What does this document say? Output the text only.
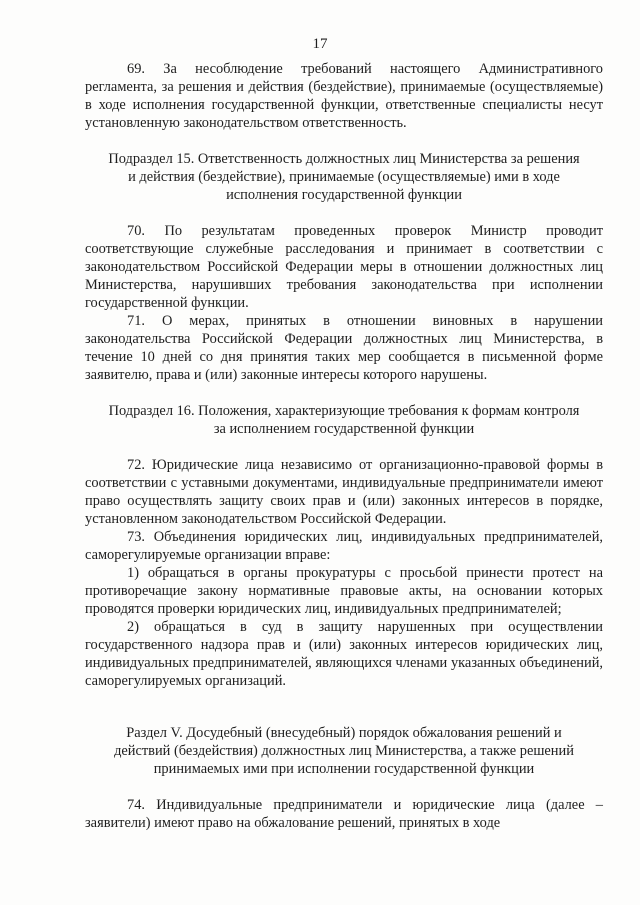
17

69. За несоблюдение требований настоящего Административного регламента, за решения и действия (бездействие), принимаемые (осуществляемые) в ходе исполнения государственной функции, ответственные специалисты несут установленную законодательством ответственность.

Подраздел 15. Ответственность должностных лиц Министерства за решения и действия (бездействие), принимаемые (осуществляемые) ими в ходе исполнения государственной функции

70. По результатам проведенных проверок Министр проводит соответствующие служебные расследования и принимает в соответствии с законодательством Российской Федерации меры в отношении должностных лиц Министерства, нарушивших требования законодательства при исполнении государственной функции.

71. О мерах, принятых в отношении виновных в нарушении законодательства Российской Федерации должностных лиц Министерства, в течение 10 дней со дня принятия таких мер сообщается в письменной форме заявителю, права и (или) законные интересы которого нарушены.

Подраздел 16. Положения, характеризующие требования к формам контроля за исполнением государственной функции

72. Юридические лица независимо от организационно-правовой формы в соответствии с уставными документами, индивидуальные предприниматели имеют право осуществлять защиту своих прав и (или) законных интересов в порядке, установленном законодательством Российской Федерации.

73. Объединения юридических лиц, индивидуальных предпринимателей, саморегулируемые организации вправе:

1) обращаться в органы прокуратуры с просьбой принести протест на противоречащие закону нормативные правовые акты, на основании которых проводятся проверки юридических лиц, индивидуальных предпринимателей;

2) обращаться в суд в защиту нарушенных при осуществлении государственного надзора прав и (или) законных интересов юридических лиц, индивидуальных предпринимателей, являющихся членами указанных объединений, саморегулируемых организаций.

Раздел V. Досудебный (внесудебный) порядок обжалования решений и действий (бездействия) должностных лиц Министерства, а также решений принимаемых ими при исполнении государственной функции

74. Индивидуальные предприниматели и юридические лица (далее – заявители) имеют право на обжалование решений, принятых в ходе
